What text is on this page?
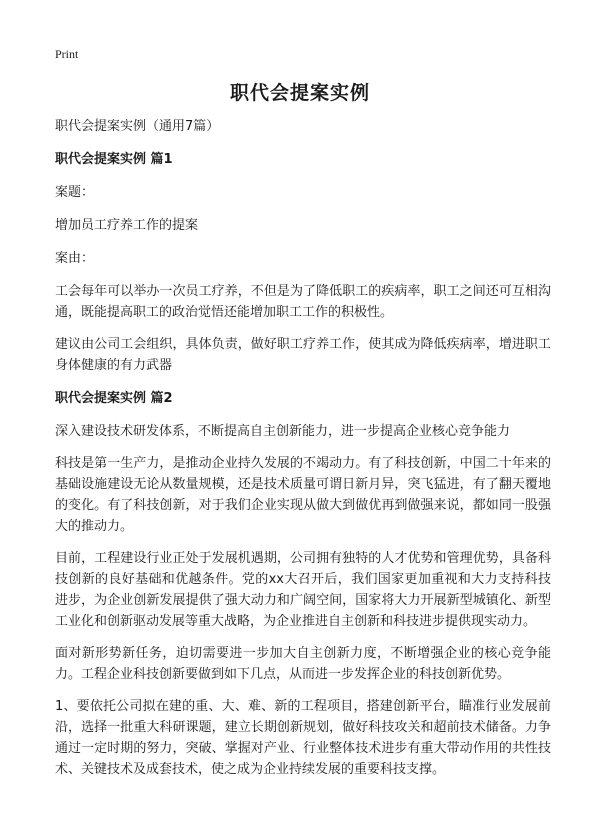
Print
职代会提案实例

职代会提案实例（通用7篇）

职代会提案实例 篇1

案题：

增加员工疗养工作的提案

案由：

工会每年可以举办一次员工疗养，不但是为了降低职工的疾病率，职工之间还可互相沟通，既能提高职工的政治觉悟还能增加职工工作的积极性。

建议由公司工会组织，具体负责，做好职工疗养工作，使其成为降低疾病率，增进职工身体健康的有力武器

职代会提案实例 篇2

深入建设技术研发体系，不断提高自主创新能力，进一步提高企业核心竞争能力

科技是第一生产力，是推动企业持久发展的不竭动力。有了科技创新，中国二十年来的基础设施建设无论从数量规模，还是技术质量可谓日新月异，突飞猛进，有了翻天覆地的变化。有了科技创新，对于我们企业实现从做大到做优再到做强来说，都如同一股强大的推动力。

目前，工程建设行业正处于发展机遇期，公司拥有独特的人才优势和管理优势，具备科技创新的良好基础和优越条件。党的xx大召开后，我们国家更加重视和大力支持科技进步，为企业创新发展提供了强大动力和广阔空间，国家将大力开展新型城镇化、新型工业化和创新驱动发展等重大战略，为企业推进自主创新和科技进步提供现实动力。

面对新形势新任务，迫切需要进一步加大自主创新力度，不断增强企业的核心竞争能力。工程企业科技创新要做到如下几点，从而进一步发挥企业的科技创新优势。

1、要依托公司拟在建的重、大、难、新的工程项目，搭建创新平台，瞄准行业发展前沿，选择一批重大科研课题，建立长期创新规划，做好科技攻关和超前技术储备。力争通过一定时期的努力，突破、掌握对产业、行业整体技术进步有重大带动作用的共性技术、关键技术及成套技术，使之成为企业持续发展的重要科技支撑。
